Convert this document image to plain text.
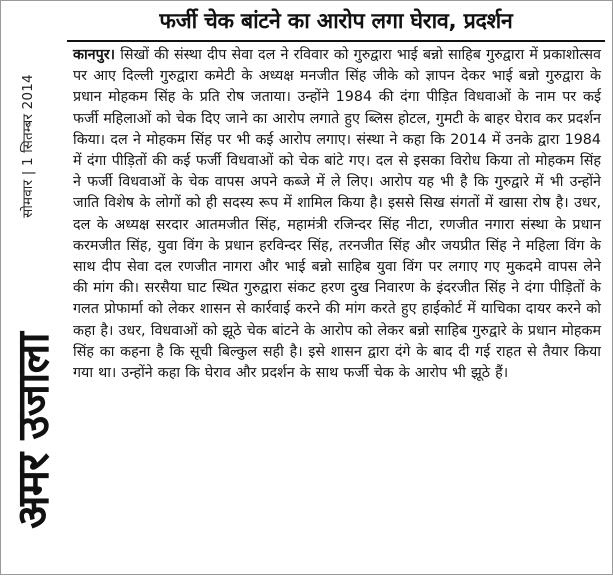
सोमवार | 1 सितम्बर 2014
अमर उजाला
फर्जी चेक बांटने का आरोप लगा घेराव, प्रदर्शन

कानपुर। सिखों की संस्था दीप सेवा दल ने रविवार को गुरुद्वारा भाई बन्नो साहिब गुरुद्वारा में प्रकाशोत्सव पर आए दिल्ली गुरुद्वारा कमेटी के अध्यक्ष मनजीत सिंह जीके को ज्ञापन देकर भाई बन्नो गुरुद्वारा के प्रधान मोहकम सिंह के प्रति रोष जताया। उन्होंने 1984 की दंगा पीड़ित विधवाओं के नाम पर कई फर्जी महिलाओं को चेक दिए जाने का आरोप लगाते हुए ब्लिस होटल, गुमटी के बाहर घेराव कर प्रदर्शन किया। दल ने मोहकम सिंह पर भी कई आरोप लगाए। संस्था ने कहा कि 2014 में उनके द्वारा 1984 में दंगा पीड़ितों की कई फर्जी विधवाओं को चेक बांटे गए। दल से इसका विरोध किया तो मोहकम सिंह ने फर्जी विधवाओं के चेक वापस अपने कब्जे में ले लिए। आरोप यह भी है कि गुरुद्वारे में भी उन्होंने जाति विशेष के लोगों को ही सदस्य रूप में शामिल किया है। इससे सिख संगतों में खासा रोष है। उधर, दल के अध्यक्ष सरदार आतमजीत सिंह, महामंत्री रजिन्दर सिंह नीटा, रणजीत नगारा संस्था के प्रधान करमजीत सिंह, युवा विंग के प्रधान हरविन्दर सिंह, तरनजीत सिंह और जयप्रीत सिंह ने महिला विंग के साथ दीप सेवा दल रणजीत नागरा और भाई बन्नो साहिब युवा विंग पर लगाए गए मुकदमे वापस लेने की मांग की। सरसैया घाट स्थित गुरुद्वारा संकट हरण दुख निवारण के इंदरजीत सिंह ने दंगा पीड़ितों के गलत प्रोफार्मा को लेकर शासन से कार्रवाई करने की मांग करते हुए हाईकोर्ट में याचिका दायर करने को कहा है। उधर, विधवाओं को झूठे चेक बांटने के आरोप को लेकर बन्नो साहिब गुरुद्वारे के प्रधान मोहकम सिंह का कहना है कि सूची बिल्कुल सही है। इसे शासन द्वारा दंगे के बाद दी गई राहत से तैयार किया गया था। उन्होंने कहा कि घेराव और प्रदर्शन के साथ फर्जी चेक के आरोप भी झूठे हैं।
